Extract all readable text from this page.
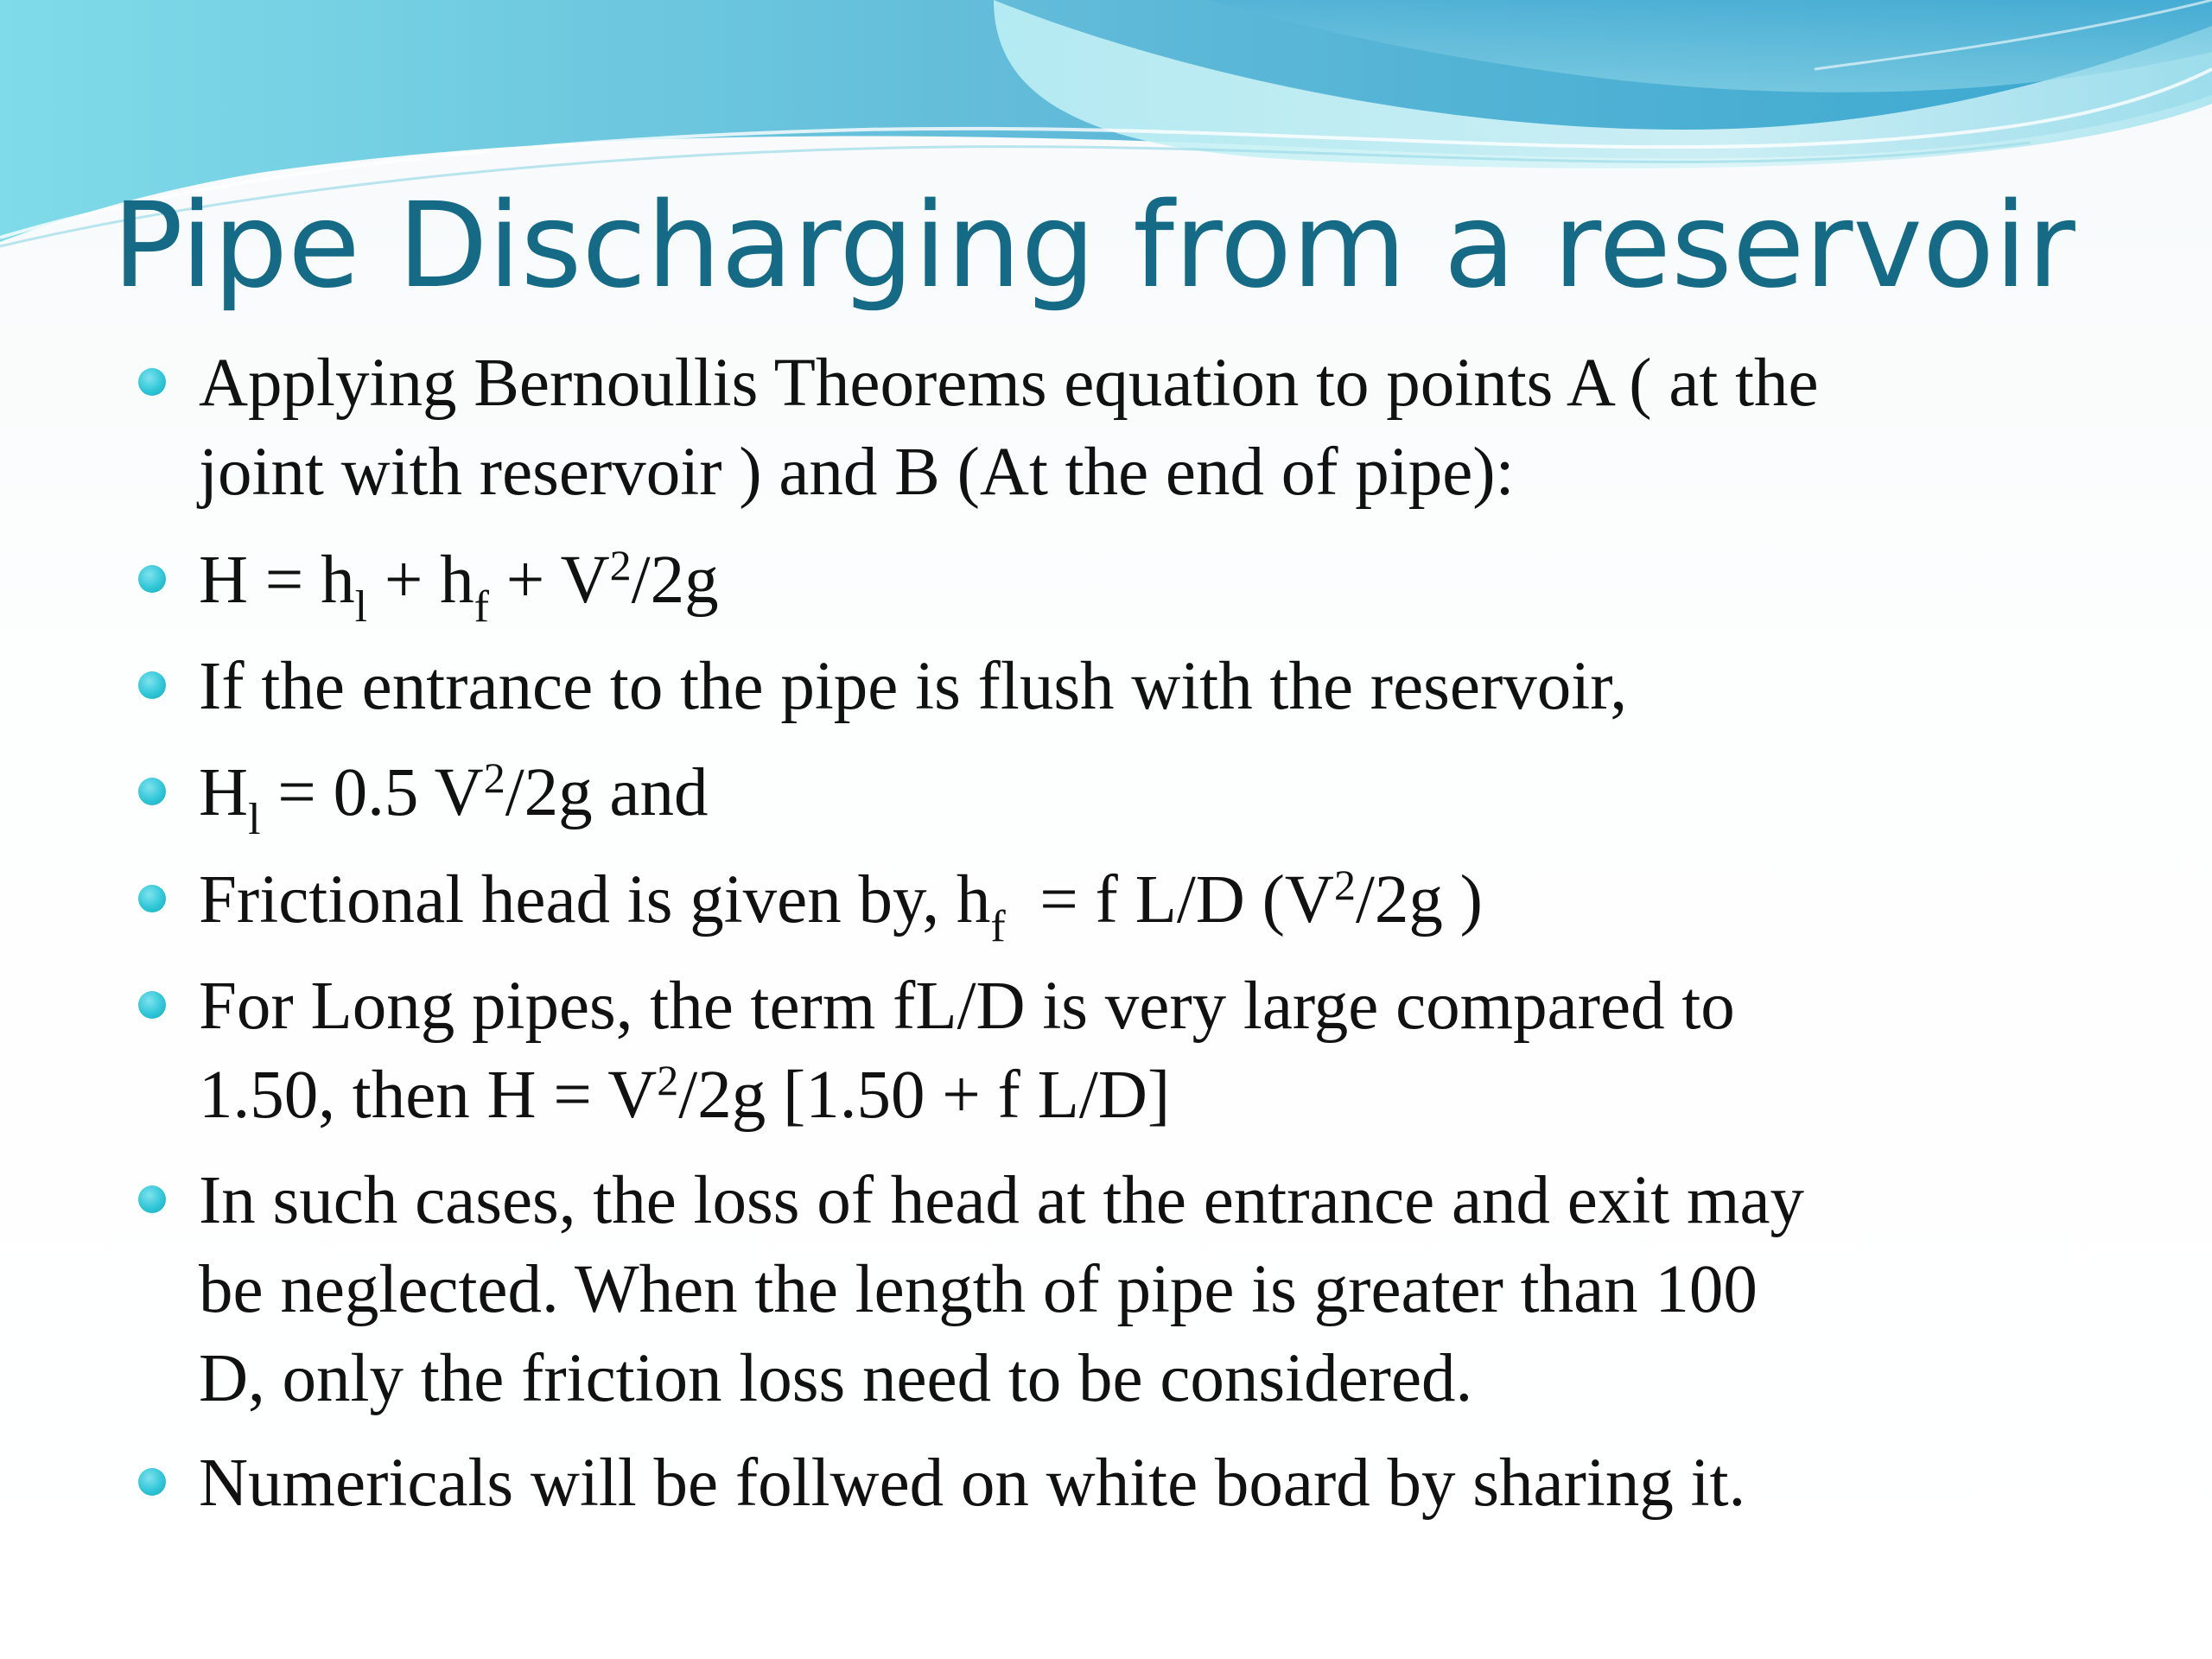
Pipe Discharging from a reservoir
Applying Bernoullis Theorems equation to points A ( at the
joint with reservoir ) and B (At the end of pipe):
$H = h_l + h_f + V^2/2g$
If the entrance to the pipe is flush with the reservoir,
$H_l = 0.5$ $V^2/2g$ and
Frictional head is given by, $h_f = f$ L/D ($V^2/2g$ )
For Long pipes, the term fL/D is very large compared to
1.50, then $H = V^2/2g$ [1.50 + f L/D]
In such cases, the loss of head at the entrance and exit may
be neglected. When the length of pipe is greater than 100
D, only the friction loss need to be considered.
Numericals will be follwed on white board by sharing it.
